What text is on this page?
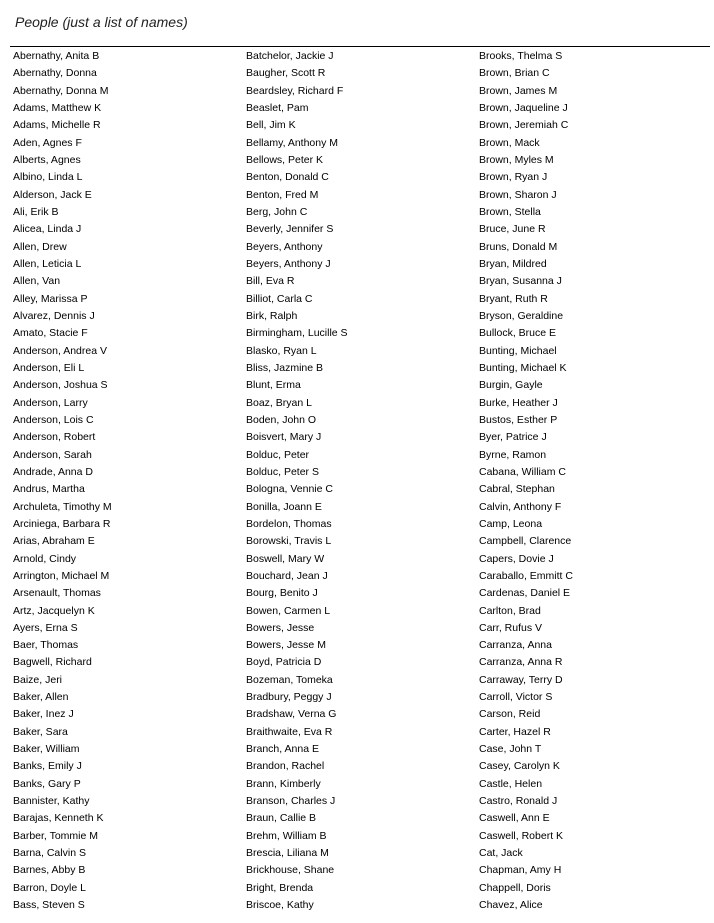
People (just a list of names)
Abernathy, Anita B
Abernathy, Donna
Abernathy, Donna M
Adams, Matthew K
Adams, Michelle R
Aden, Agnes F
Alberts, Agnes
Albino, Linda L
Alderson, Jack E
Ali, Erik B
Alicea, Linda J
Allen, Drew
Allen, Leticia L
Allen, Van
Alley, Marissa P
Alvarez, Dennis J
Amato, Stacie F
Anderson, Andrea V
Anderson, Eli L
Anderson, Joshua S
Anderson, Larry
Anderson, Lois C
Anderson, Robert
Anderson, Sarah
Andrade, Anna D
Andrus, Martha
Archuleta, Timothy M
Arciniega, Barbara R
Arias, Abraham E
Arnold, Cindy
Arrington, Michael M
Arsenault, Thomas
Artz, Jacquelyn K
Ayers, Erna S
Baer, Thomas
Bagwell, Richard
Baize, Jeri
Baker, Allen
Baker, Inez J
Baker, Sara
Baker, William
Banks, Emily J
Banks, Gary P
Bannister, Kathy
Barajas, Kenneth K
Barber, Tommie M
Barna, Calvin S
Barnes, Abby B
Barron, Doyle L
Bass, Steven S
Batchelor, Jackie J
Baugher, Scott R
Beardsley, Richard F
Beaslet, Pam
Bell, Jim K
Bellamy, Anthony M
Bellows, Peter K
Benton, Donald C
Benton, Fred M
Berg, John C
Beverly, Jennifer S
Beyers, Anthony
Beyers, Anthony J
Bill, Eva R
Billiot, Carla C
Birk, Ralph
Birmingham, Lucille S
Blasko, Ryan L
Bliss, Jazmine B
Blunt, Erma
Boaz, Bryan L
Boden, John O
Boisvert, Mary J
Bolduc, Peter
Bolduc, Peter S
Bologna, Vennie C
Bonilla, Joann E
Bordelon, Thomas
Borowski, Travis L
Boswell, Mary W
Bouchard, Jean J
Bourg, Benito J
Bowen, Carmen L
Bowers, Jesse
Bowers, Jesse M
Boyd, Patricia D
Bozeman, Tomeka
Bradbury, Peggy J
Bradshaw, Verna G
Braithwaite, Eva R
Branch, Anna E
Brandon, Rachel
Brann, Kimberly
Branson, Charles J
Braun, Callie B
Brehm, William B
Brescia, Liliana M
Brickhouse, Shane
Bright, Brenda
Briscoe, Kathy
Brooks, Thelma S
Brown, Brian C
Brown, James M
Brown, Jaqueline J
Brown, Jeremiah C
Brown, Mack
Brown, Myles M
Brown, Ryan J
Brown, Sharon J
Brown, Stella
Bruce, June R
Bruns, Donald M
Bryan, Mildred
Bryan, Susanna J
Bryant, Ruth R
Bryson, Geraldine
Bullock, Bruce E
Bunting, Michael
Bunting, Michael K
Burgin, Gayle
Burke, Heather J
Bustos, Esther P
Byer, Patrice J
Byrne, Ramon
Cabana, William C
Cabral, Stephan
Calvin, Anthony F
Camp, Leona
Campbell, Clarence
Capers, Dovie J
Caraballo, Emmitt C
Cardenas, Daniel E
Carlton, Brad
Carr, Rufus V
Carranza, Anna
Carranza, Anna R
Carraway, Terry D
Carroll, Victor S
Carson, Reid
Carter, Hazel R
Case, John T
Casey, Carolyn K
Castle, Helen
Castro, Ronald J
Caswell, Ann E
Caswell, Robert K
Cat, Jack
Chapman, Amy H
Chappell, Doris
Chavez, Alice
